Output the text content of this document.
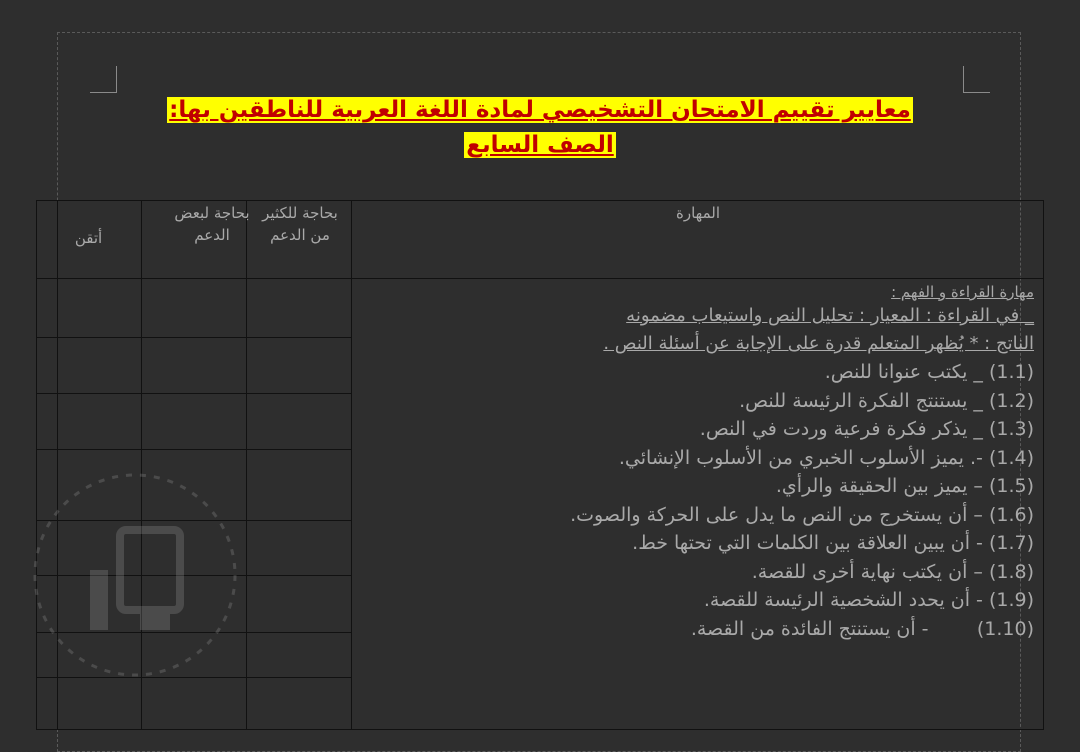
معايير تقييم الامتحان التشخيصي لمادة اللغة العربية للناطقين بها:
الصف السابع
المهارة
بحاجة للكثير من الدعم
بحاجة لبعض الدعم
أتقن
مهارة القراءة و الفهم :
_ في القراءة : المعيار : تحليل النص واستيعاب مضمونه
الناتج : * يُظهر المتعلم قدرة على الإجابة عن أسئلة النص .
(1.1) _ يكتب عنوانا للنص.
(1.2) _ يستنتج الفكرة الرئيسة للنص.
(1.3) _ يذكر فكرة فرعية وردت في النص.
(1.4) -. يميز الأسلوب الخبري من الأسلوب الإنشائي.
(1.5) – يميز بين الحقيقة والرأي.
(1.6) – أن يستخرج من النص ما يدل على الحركة والصوت.
(1.7) - أن يبين العلاقة بين الكلمات التي تحتها خط.
(1.8) – أن يكتب نهاية أخرى للقصة.
(1.9) - أن يحدد الشخصية الرئيسة للقصة.
(1.10)        - أن يستنتج الفائدة من القصة.
